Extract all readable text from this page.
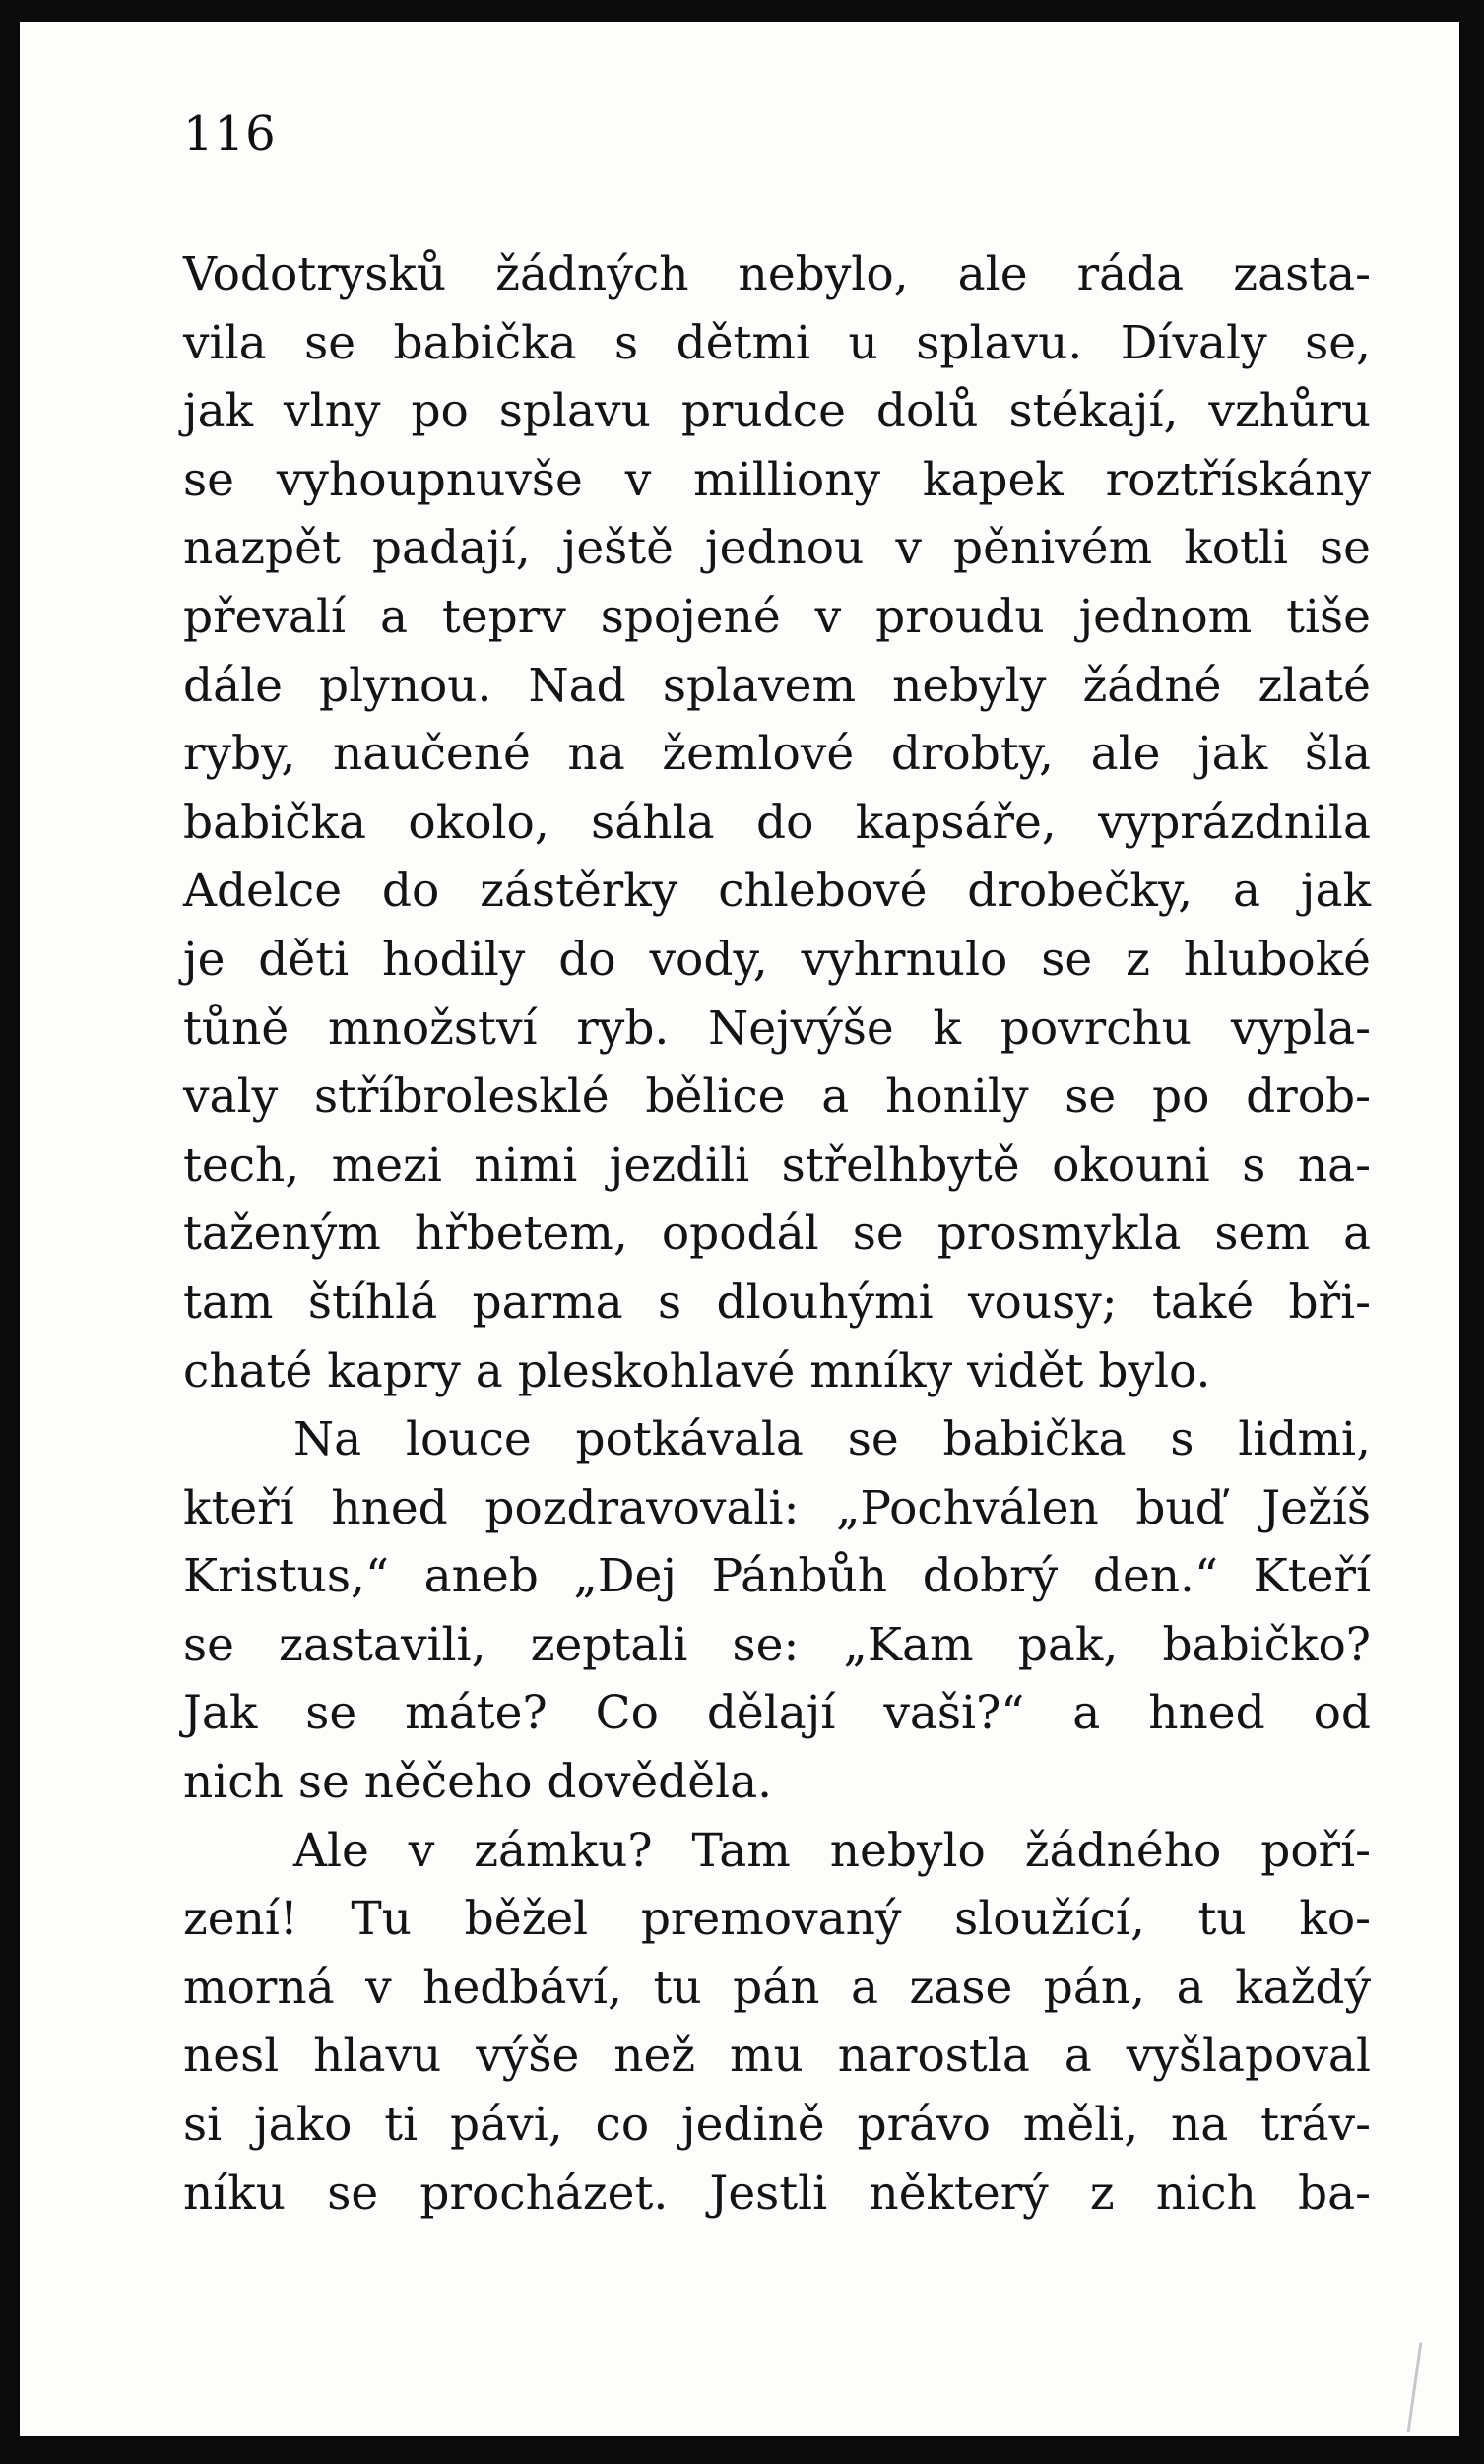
116
Vodotrysků žádných nebylo, ale ráda zasta-
vila se babička s dětmi u splavu. Dívaly se,
jak vlny po splavu prudce dolů stékají, vzhůru
se vyhoupnuvše v milliony kapek roztřískány
nazpět padají, ještě jednou v pěnivém kotli se
převalí a teprv spojené v proudu jednom tiše
dále plynou. Nad splavem nebyly žádné zlaté
ryby, naučené na žemlové drobty, ale jak šla
babička okolo, sáhla do kapsáře, vyprázdnila
Adelce do zástěrky chlebové drobečky, a jak
je děti hodily do vody, vyhrnulo se z hluboké
tůně množství ryb. Nejvýše k povrchu vypla-
valy stříbrolesklé bělice a honily se po drob-
tech, mezi nimi jezdili střelhbytě okouni s na-
taženým hřbetem, opodál se prosmykla sem a
tam štíhlá parma s dlouhými vousy; také bři-
chaté kapry a pleskohlavé mníky vidět bylo.
Na louce potkávala se babička s lidmi,
kteří hned pozdravovali: „Pochválen buď Ježíš
Kristus,“ aneb „Dej Pánbůh dobrý den.“ Kteří
se zastavili, zeptali se: „Kam pak, babičko?
Jak se máte? Co dělají vaši?“ a hned od
nich se něčeho dověděla.
Ale v zámku? Tam nebylo žádného poří-
zení! Tu běžel premovaný sloužící, tu ko-
morná v hedbáví, tu pán a zase pán, a každý
nesl hlavu výše než mu narostla a vyšlapoval
si jako ti pávi, co jedině právo měli, na tráv-
níku se procházet. Jestli některý z nich ba-
